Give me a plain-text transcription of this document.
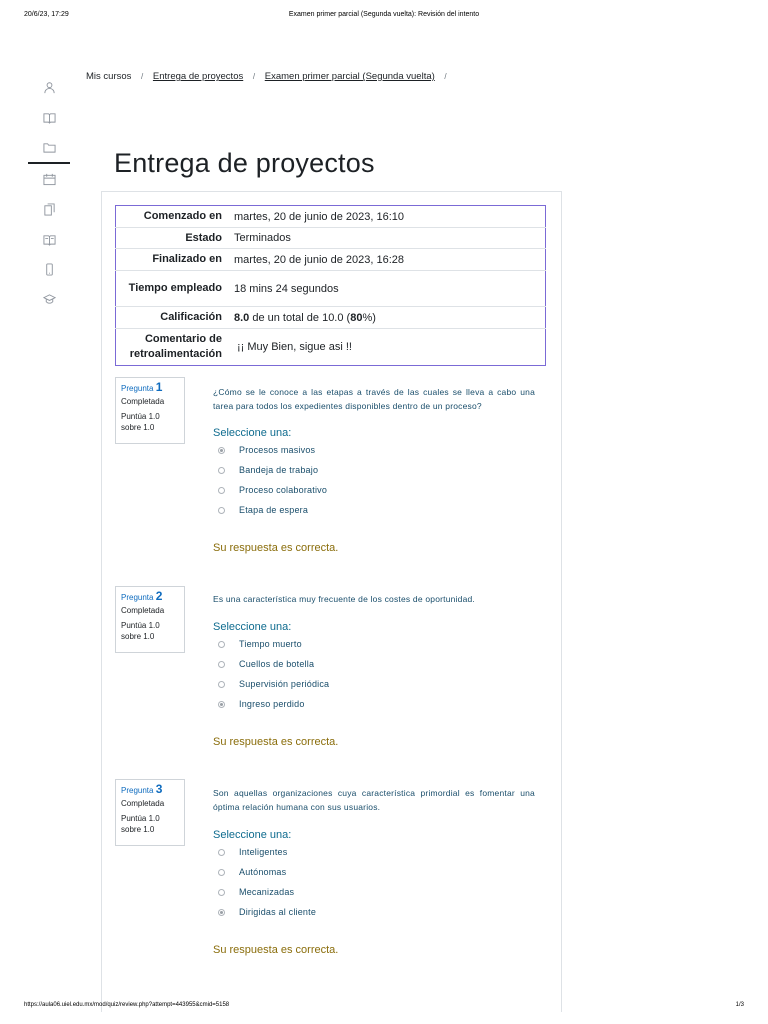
20/6/23, 17:29	Examen primer parcial (Segunda vuelta): Revisión del intento
Mis cursos / Entrega de proyectos / Examen primer parcial (Segunda vuelta) /
Entrega de proyectos
Comenzado en	martes, 20 de junio de 2023, 16:10
Estado	Terminados
Finalizado en	martes, 20 de junio de 2023, 16:28
Tiempo empleado	18 mins 24 segundos
Calificación	8.0 de un total de 10.0 (80%)
Comentario de retroalimentación	¡¡ Muy Bien, sigue asi !!
Pregunta 1
Completada
Puntúa 1.0
sobre 1.0
¿Cómo se le conoce a las etapas a través de las cuales se lleva a cabo una tarea para todos los expedientes disponibles dentro de un proceso?
Seleccione una:
Procesos masivos
Bandeja de trabajo
Proceso colaborativo
Etapa de espera
Su respuesta es correcta.
Pregunta 2
Completada
Puntúa 1.0
sobre 1.0
Es una característica muy frecuente de los costes de oportunidad.
Seleccione una:
Tiempo muerto
Cuellos de botella
Supervisión periódica
Ingreso perdido
Su respuesta es correcta.
Pregunta 3
Completada
Puntúa 1.0
sobre 1.0
Son aquellas organizaciones cuya característica primordial es fomentar una óptima relación humana con sus usuarios.
Seleccione una:
Inteligentes
Autónomas
Mecanizadas
Dirigidas al cliente
Su respuesta es correcta.
https://aula06.uiel.edu.mx/mod/quiz/review.php?attempt=443955&cmid=5158	1/3
